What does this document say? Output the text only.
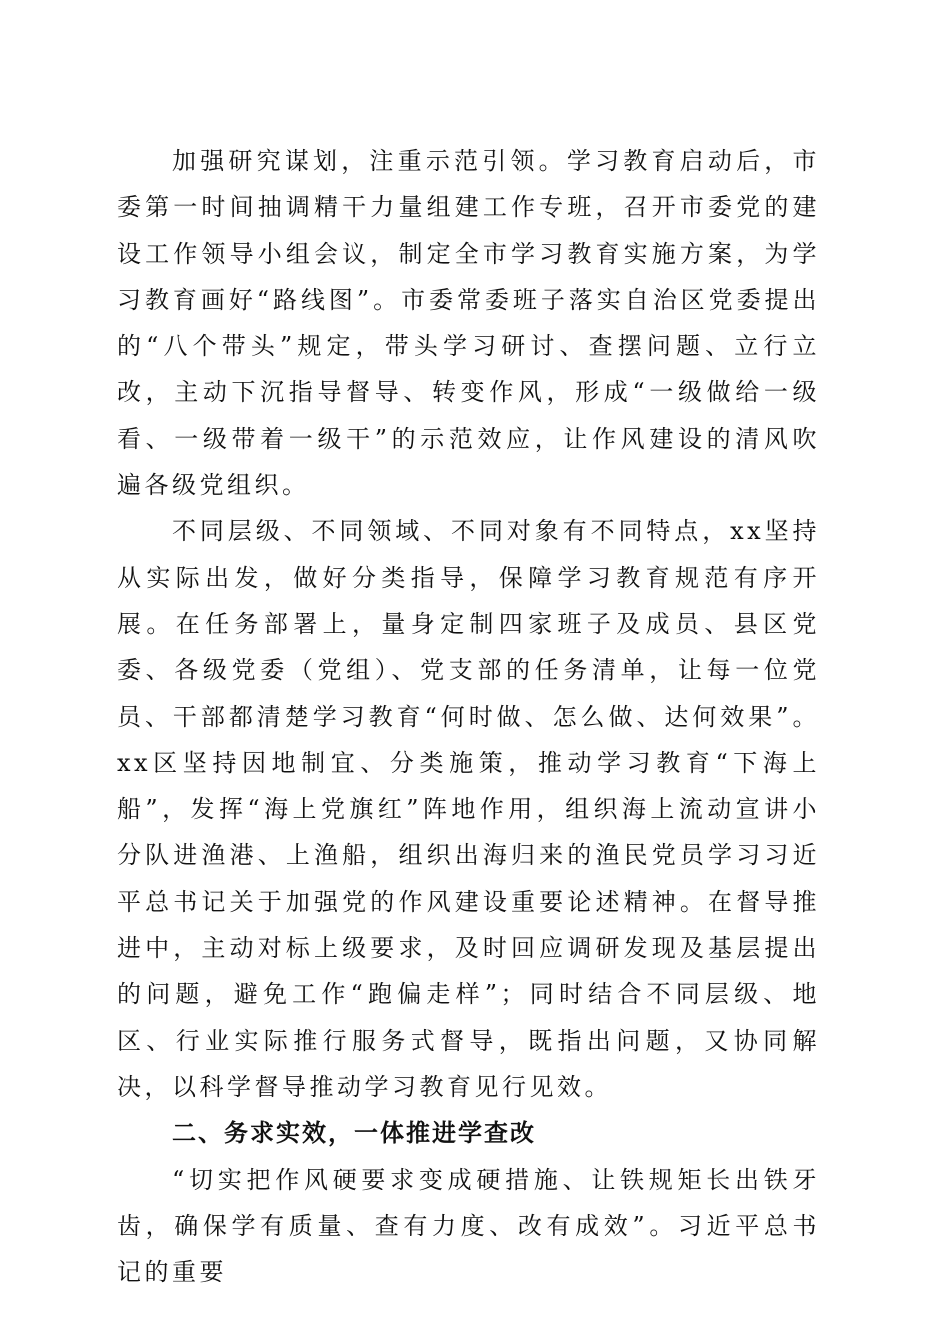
加强研究谋划，注重示范引领。学习教育启动后，市委第一时间抽调精干力量组建工作专班，召开市委党的建设工作领导小组会议，制定全市学习教育实施方案，为学习教育画好“路线图”。市委常委班子落实自治区党委提出的“八个带头”规定，带头学习研讨、查摆问题、立行立改，主动下沉指导督导、转变作风，形成“一级做给一级看、一级带着一级干”的示范效应，让作风建设的清风吹遍各级党组织。

不同层级、不同领域、不同对象有不同特点，xx坚持从实际出发，做好分类指导，保障学习教育规范有序开展。在任务部署上，量身定制四家班子及成员、县区党委、各级党委（党组）、党支部的任务清单，让每一位党员、干部都清楚学习教育“何时做、怎么做、达何效果”。xx区坚持因地制宜、分类施策，推动学习教育“下海上船”，发挥“海上党旗红”阵地作用，组织海上流动宣讲小分队进渔港、上渔船，组织出海归来的渔民党员学习习近平总书记关于加强党的作风建设重要论述精神。在督导推进中，主动对标上级要求，及时回应调研发现及基层提出的问题，避免工作“跑偏走样”；同时结合不同层级、地区、行业实际推行服务式督导，既指出问题，又协同解决，以科学督导推动学习教育见行见效。

二、务求实效，一体推进学查改

“切实把作风硬要求变成硬措施、让铁规矩长出铁牙齿，确保学有质量、查有力度、改有成效”。习近平总书记的重要
